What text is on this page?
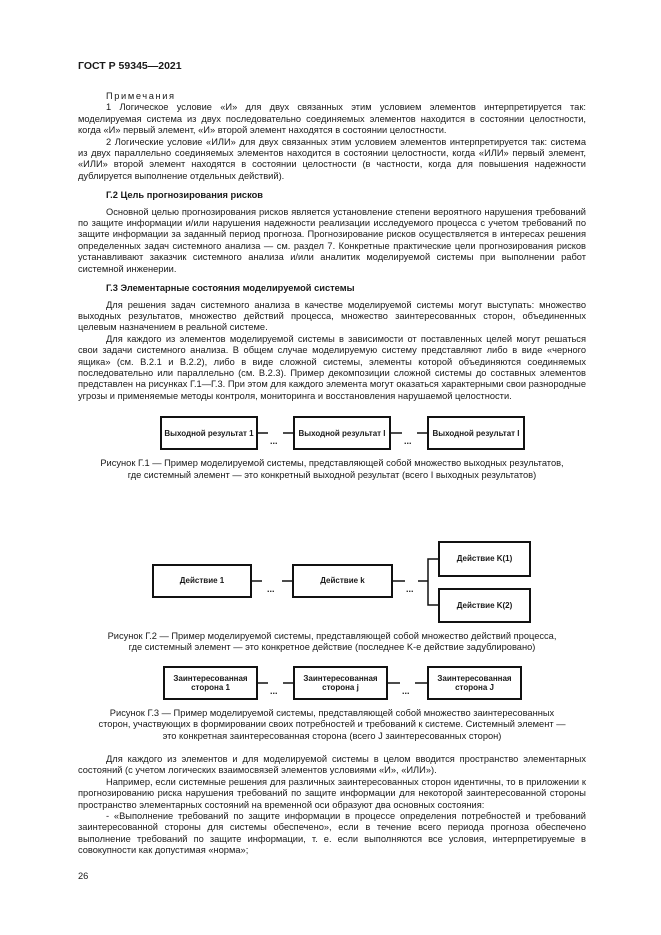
ГОСТ Р 59345—2021

Примечания

1 Логическое условие «И» для двух связанных этим условием элементов интерпретируется так: моделируемая система из двух последовательно соединяемых элементов находится в состоянии целостности, когда «И» первый элемент, «И» второй элемент находятся в состоянии целостности.

2 Логические условие «ИЛИ» для двух связанных этим условием элементов интерпретируется так: система из двух параллельно соединяемых элементов находится в состоянии целостности, когда «ИЛИ» первый элемент, «ИЛИ» второй элемент находятся в состоянии целостности (в частности, когда для повышения надежности дублируется выполнение отдельных действий).

Г.2 Цель прогнозирования рисков

Основной целью прогнозирования рисков является установление степени вероятного нарушения требований по защите информации и/или нарушения надежности реализации исследуемого процесса с учетом требований по защите информации за заданный период прогноза. Прогнозирование рисков осуществляется в интересах решения определенных задач системного анализа — см. раздел 7. Конкретные практические цели прогнозирования рисков устанавливают заказчик системного анализа и/или аналитик моделируемой системы при выполнении работ системной инженерии.

Г.3 Элементарные состояния моделируемой системы

Для решения задач системного анализа в качестве моделируемой системы могут выступать: множество выходных результатов, множество действий процесса, множество заинтересованных сторон, объединенных целевым назначением в реальной системе.

Для каждого из элементов моделируемой системы в зависимости от поставленных целей могут решаться свои задачи системного анализа. В общем случае моделируемую систему представляют либо в виде «черного ящика» (см. В.2.1 и В.2.2), либо в виде сложной системы, элементы которой объединяются соединяемых последовательно или параллельно (см. В.2.3). Пример декомпозиции сложной системы до составных элементов представлен на рисунках Г.1—Г.3. При этом для каждого элемента могут оказаться характерными свои разнородные угрозы и применяемые методы контроля, мониторинга и восстановления нарушаемой целостности.

Выходной результат 1	Выходной результат I	Выходной результат I
...	...
Рисунок Г.1 — Пример моделируемой системы, представляющей собой множество выходных результатов,
где системный элемент — это конкретный выходной результат (всего I выходных результатов)
Действие 1	Действие k
Действие K(1)
Действие K(2)
...	...
Рисунок Г.2 — Пример моделируемой системы, представляющей собой множество действий процесса,
где системный элемент — это конкретное действие (последнее K-е действие задублировано)
Заинтересованная сторона 1
Заинтересованная сторона j
Заинтересованная сторона J
...	...
Рисунок Г.3 — Пример моделируемой системы, представляющей собой множество заинтересованных
сторон, участвующих в формировании своих потребностей и требований к системе. Системный элемент —
это конкретная заинтересованная сторона (всего J заинтересованных сторон)

Для каждого из элементов и для моделируемой системы в целом вводится пространство элементарных состояний (с учетом логических взаимосвязей элементов условиями «И», «ИЛИ»).

Например, если системные решения для различных заинтересованных сторон идентичны, то в приложении к прогнозированию риска нарушения требований по защите информации для некоторой заинтересованной стороны пространство элементарных состояний на временной оси образуют два основных состояния:

- «Выполнение требований по защите информации в процессе определения потребностей и требований заинтересованной стороны для системы обеспечено», если в течение всего периода прогноза обеспечено выполнение требований по защите информации, т. е. если выполняются все условия, интерпретируемые в совокупности как допустимая «норма»;

26
